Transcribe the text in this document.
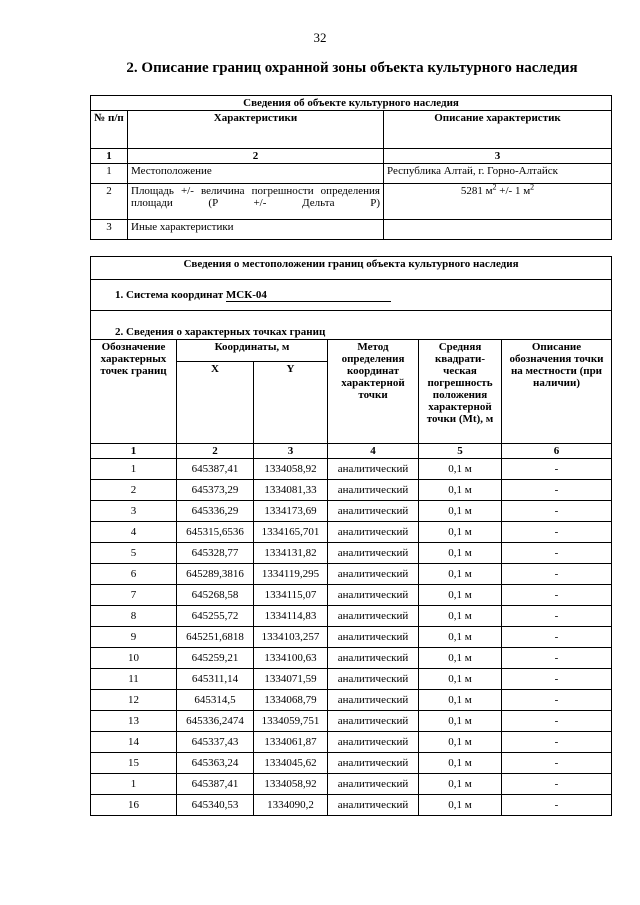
32
2. Описание границ охранной зоны объекта культурного наследия
Сведения об объекте культурного наследия		
№ п/п	Характеристики	Описание характеристик
1	2	3
1	Местоположение	Республика Алтай, г. Горно-Алтайск
2	Площадь +/- величина погрешности определения площади (P +/- Дельта P)	5281 $м^2$ +/- 1 $м^2$
3	Иные характеристики	
Сведения о местоположении границ объекта культурного наследия					
1. Система координат МСК-04					
2. Сведения о характерных точках границ					
Обозначение характерных точек границ	Координаты, м		Метод определения координат характерной точки	Средняя квадрати-ческая погрешность положения характерной точки (Mt), м	Описание обозначения точки на местности (при наличии)
	X	Y			
1	2	3	4	5	6
1	645387,41	1334058,92	аналитический	0,1 м	-
2	645373,29	1334081,33	аналитический	0,1 м	-
3	645336,29	1334173,69	аналитический	0,1 м	-
4	645315,6536	1334165,701	аналитический	0,1 м	-
5	645328,77	1334131,82	аналитический	0,1 м	-
6	645289,3816	1334119,295	аналитический	0,1 м	-
7	645268,58	1334115,07	аналитический	0,1 м	-
8	645255,72	1334114,83	аналитический	0,1 м	-
9	645251,6818	1334103,257	аналитический	0,1 м	-
10	645259,21	1334100,63	аналитический	0,1 м	-
11	645311,14	1334071,59	аналитический	0,1 м	-
12	645314,5	1334068,79	аналитический	0,1 м	-
13	645336,2474	1334059,751	аналитический	0,1 м	-
14	645337,43	1334061,87	аналитический	0,1 м	-
15	645363,24	1334045,62	аналитический	0,1 м	-
1	645387,41	1334058,92	аналитический	0,1 м	-
16	645340,53	1334090,2	аналитический	0,1 м	-
